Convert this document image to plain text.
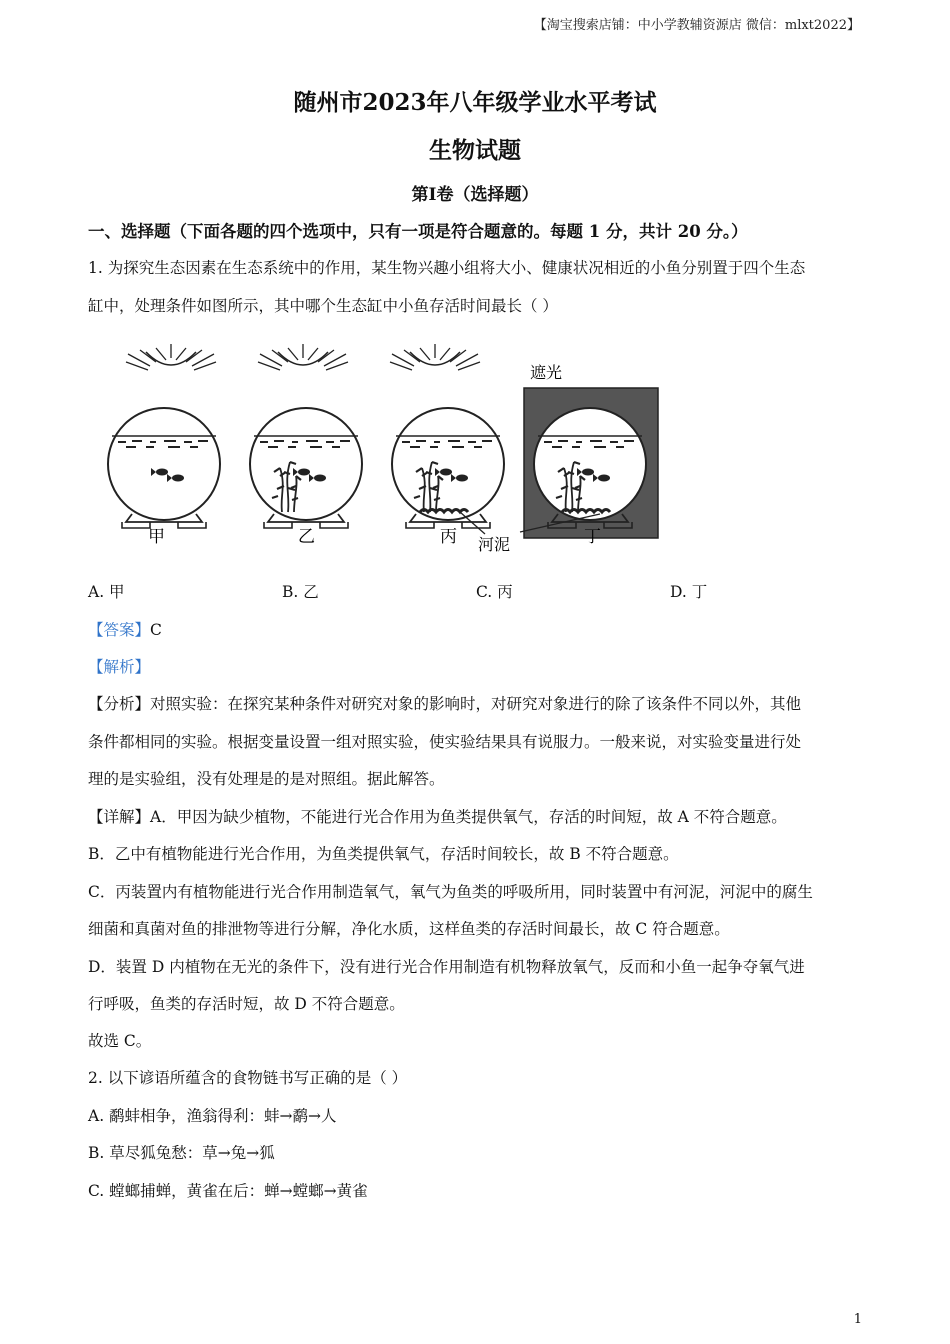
【淘宝搜索店铺：中小学教辅资源店 微信：mlxt2022】
随州市2023年八年级学业水平考试
生物试题
第Ⅰ卷（选择题）
一、选择题（下面各题的四个选项中，只有一项是符合题意的。每题 1 分，共计 20 分。）
1. 为探究生态因素在生态系统中的作用，某生物兴趣小组将大小、健康状况相近的小鱼分别置于四个生态
缸中，处理条件如图所示，其中哪个生态缸中小鱼存活时间最长（ ）
遮光
河泥
甲	乙	丙	丁
A. 甲	B. 乙	C. 丙	D. 丁
【答案】C
【解析】
【分析】对照实验：在探究某种条件对研究对象的影响时，对研究对象进行的除了该条件不同以外，其他
条件都相同的实验。根据变量设置一组对照实验，使实验结果具有说服力。一般来说，对实验变量进行处
理的是实验组，没有处理是的是对照组。据此解答。
【详解】A．甲因为缺少植物，不能进行光合作用为鱼类提供氧气，存活的时间短，故 A 不符合题意。
B．乙中有植物能进行光合作用，为鱼类提供氧气，存活时间较长，故 B 不符合题意。
C．丙装置内有植物能进行光合作用制造氧气，氧气为鱼类的呼吸所用，同时装置中有河泥，河泥中的腐生
细菌和真菌对鱼的排泄物等进行分解，净化水质，这样鱼类的存活时间最长，故 C 符合题意。
D．装置 D 内植物在无光的条件下，没有进行光合作用制造有机物释放氧气，反而和小鱼一起争夺氧气进
行呼吸，鱼类的存活时短，故 D 不符合题意。
故选 C。
2. 以下谚语所蕴含的食物链书写正确的是（ ）
A. 鹬蚌相争，渔翁得利：蚌→鹬→人
B. 草尽狐兔愁：草→兔→狐
C. 螳螂捕蝉，黄雀在后：蝉→螳螂→黄雀
1
